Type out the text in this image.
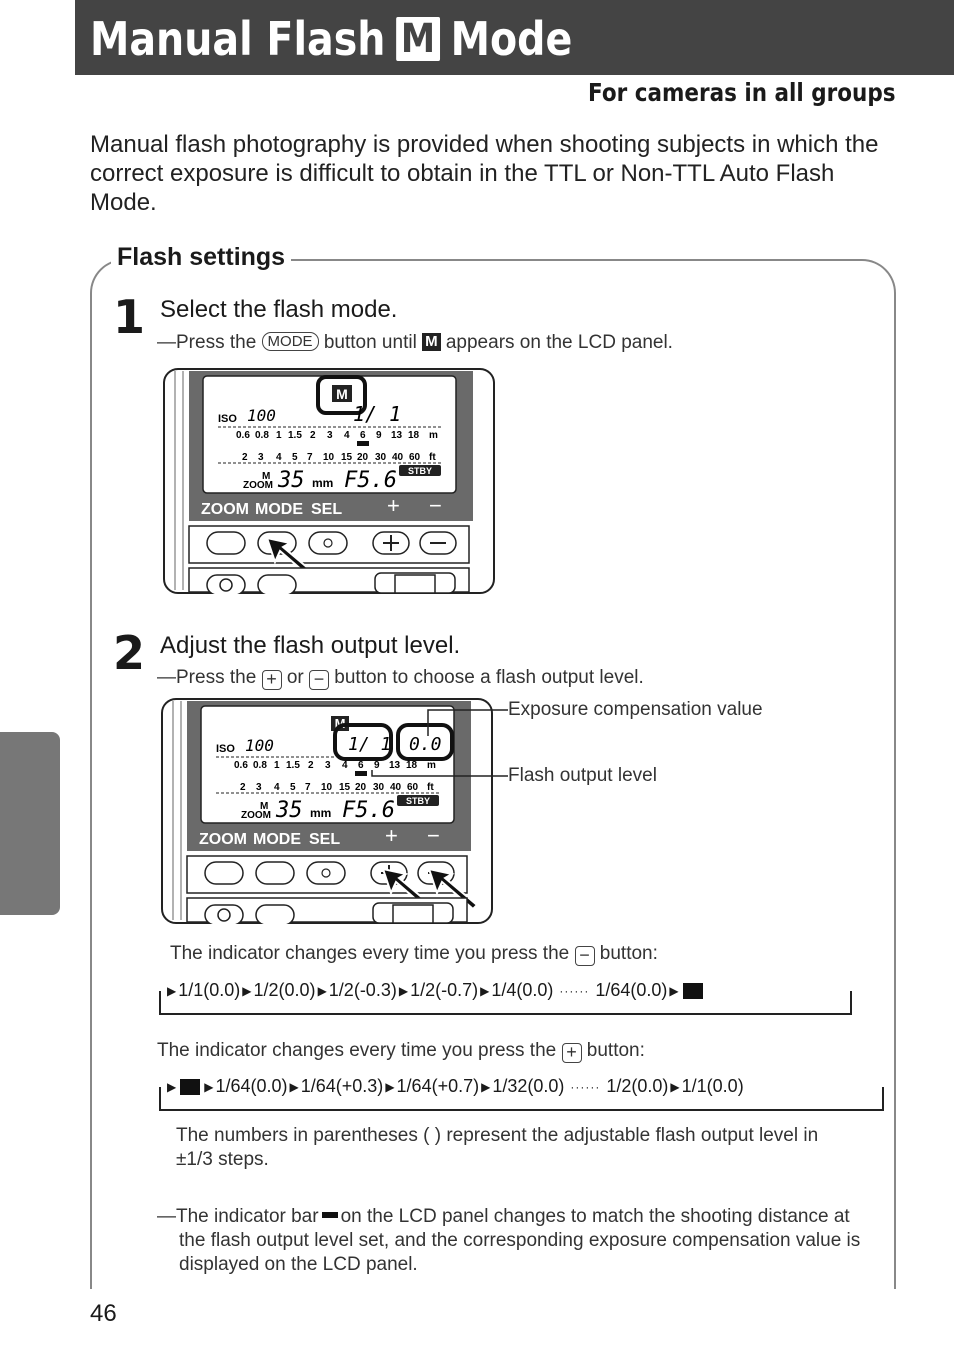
Manual Flash M Mode
For cameras in all groups

Manual flash photography is provided when shooting subjects in which the correct exposure is difficult to obtain in the TTL or Non-TTL Auto Flash Mode.

Flash settings
1 Select the flash mode.
—Press the MODE button until M appears on the LCD panel.
M
ISO 100	1/ 1
0.6 0.8 1 1.5 2 3 4 6 9 13 18 m
2 3 4 5 7 10 15 20 30 40 60 ft
M
ZOOM 35 mm F5.6 STBY
ZOOM MODE SEL + −
2 Adjust the flash output level.
—Press the + or − button to choose a flash output level.
M
ISO 100	1/ 1 0.0
0.6 0.8 1 1.5 2 3 4 6 9 13 18 m
2 3 4 5 7 10 15 20 30 40 60 ft
M
ZOOM 35 mm F5.6 STBY
ZOOM MODE SEL + −
Exposure compensation value
Flash output level
The indicator changes every time you press the − button:
▶ 1/1(0.0) ▶ 1/2(0.0) ▶ 1/2(-0.3) ▶ 1/2(-0.7) ▶ 1/4(0.0) ······ 1/64(0.0) ▶
The indicator changes every time you press the + button:
▶ ▶ 1/64(0.0) ▶ 1/64(+0.3) ▶ 1/64(+0.7) ▶ 1/32(0.0) ······ 1/2(0.0) ▶ 1/1(0.0)

The numbers in parentheses ( ) represent the adjustable flash output level in ±1/3 steps.

—The indicator bar on the LCD panel changes to match the shooting distance at the flash output level set, and the corresponding exposure compensation value is displayed on the LCD panel.

46
